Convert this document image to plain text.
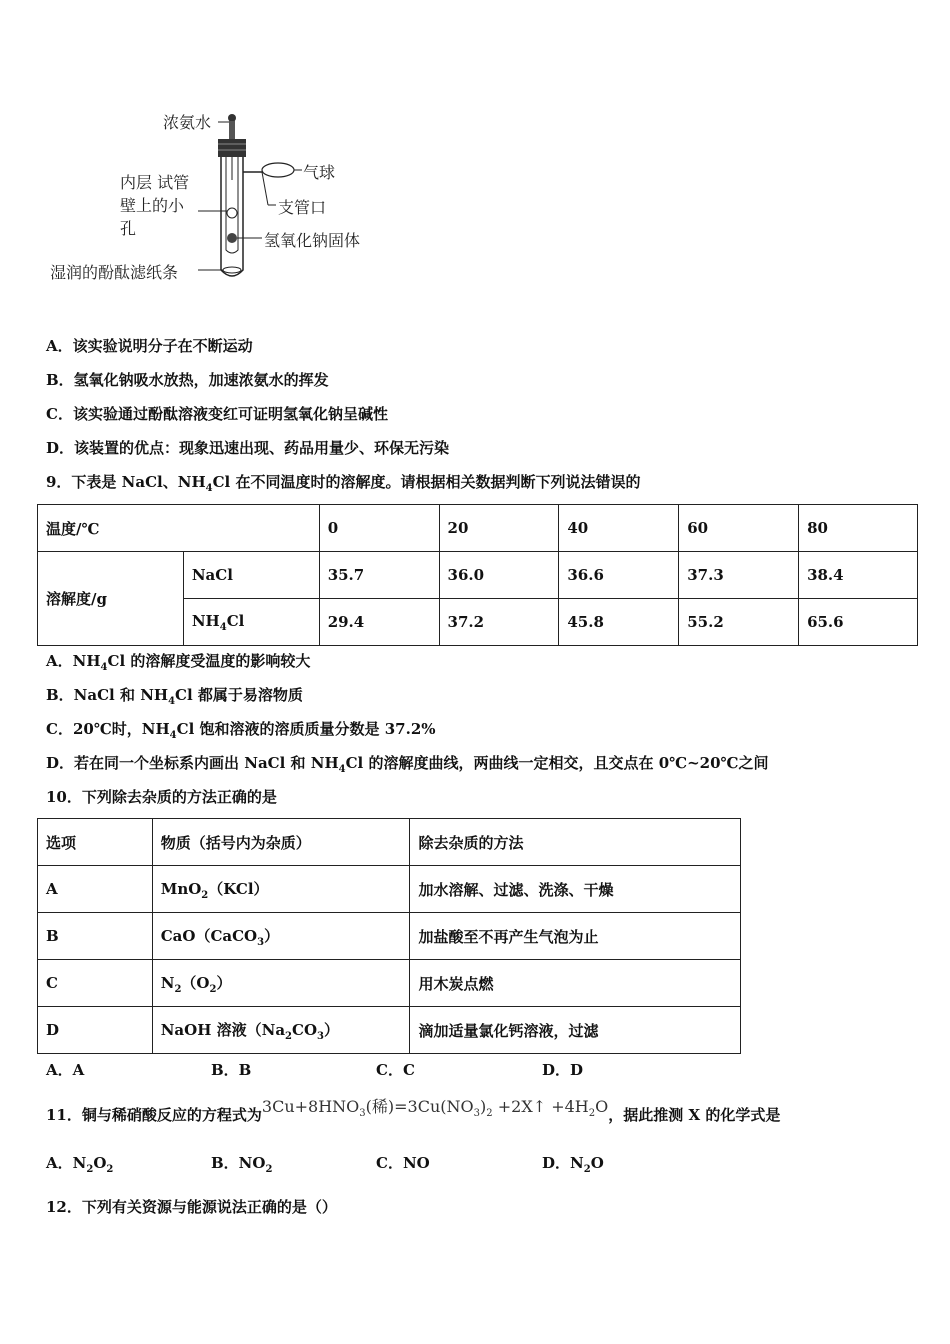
浓氨水
气球
内层 试管
壁上的小
孔
支管口
氢氧化钠固体
湿润的酚酞滤纸条
A．该实验说明分子在不断运动
B．氢氧化钠吸水放热，加速浓氨水的挥发
C．该实验通过酚酞溶液变红可证明氢氧化钠呈碱性
D．该装置的优点：现象迅速出现、药品用量少、环保无污染
9．下表是 NaCl、$NH_4Cl$ 在不同温度时的溶解度。请根据相关数据判断下列说法错误的
温度/℃		0	20	40	60	80
溶解度/g	NaCl	35.7	36.0	36.6	37.3	38.4
	$NH_4Cl$	29.4	37.2	45.8	55.2	65.6
A．$NH_4Cl$ 的溶解度受温度的影响较大
B．NaCl 和 $NH_4Cl$ 都属于易溶物质
C．20℃时，$NH_4Cl$ 饱和溶液的溶质质量分数是 37.2%
D．若在同一个坐标系内画出 NaCl 和 $NH_4Cl$ 的溶解度曲线，两曲线一定相交，且交点在 0℃~20℃之间
10．下列除去杂质的方法正确的是
选项	物质（括号内为杂质）	除去杂质的方法
A	MnO$_2$（KCl）	加水溶解、过滤、洗涤、干燥
B	CaO（CaCO$_3$）	加盐酸至不再产生气泡为止
C	$N_2(O_2)$	用木炭点燃
D	NaOH 溶液$(Na_2CO_3)$	滴加适量氯化钙溶液，过滤
A．A	B．B	C．C	D．D
11．铜与稀硝酸反应的方程式为$3Cu+8HNO_3$(稀)$=3Cu(NO_3)_2$ +2X↑ $+4H_2O$，据此推测 X 的化学式是
A．$N_2O_2$	B．$NO_2$	C．NO	D．$N_2O$
12．下列有关资源与能源说法正确的是（）
